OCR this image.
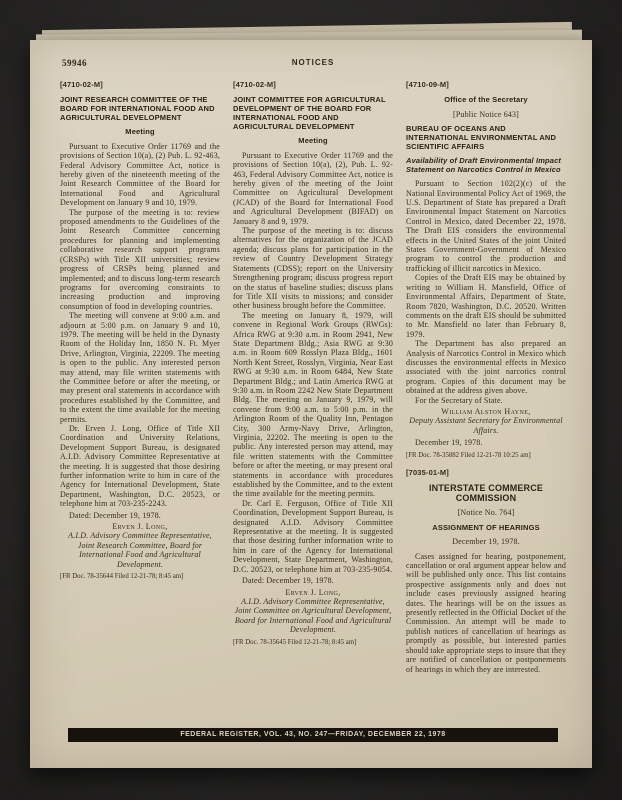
59946	NOTICES

[4710-02-M]

JOINT RESEARCH COMMITTEE OF THE BOARD FOR INTERNATIONAL FOOD AND AGRICULTURAL DEVELOPMENT

Meeting

Pursuant to Executive Order 11769 and the provisions of Section 10(a), (2) Pub. L. 92-463, Federal Advisory Committee Act, notice is hereby given of the nineteenth meeting of the Joint Research Committee of the Board for International Food and Agricultural Development on January 9 and 10, 1979.

The purpose of the meeting is to: review proposed amendments to the Guidelines of the Joint Research Committee concerning procedures for planning and implementing collaborative research support programs (CRSPs) with Title XII universities; review progress of CRSPs being planned and implemented; and to discuss long-term research programs for overcoming constraints to increasing production and improving consumption of food in developing countries.

The meeting will convene at 9:00 a.m. and adjourn at 5:00 p.m. on January 9 and 10, 1979. The meeting will be held in the Dynasty Room of the Holiday Inn, 1850 N. Ft. Myer Drive, Arlington, Virginia, 22209. The meeting is open to the public. Any interested person may attend, may file written statements with the Committee before or after the meeting, or may present oral statements in accordance with procedures established by the Committee, and to the extent the time available for the meeting permits.

Dr. Erven J. Long, Office of Title XII Coordination and University Relations, Development Support Bureau, is designated A.I.D. Advisory Committee Representative at the meeting. It is suggested that those desiring further information write to him in care of the Agency for International Development, State Department, Washington, D.C. 20523, or telephone him at 703-235-2243.

Dated: December 19, 1978.

Erven J. Long,

A.I.D. Advisory Committee Representative, Joint Research Committee, Board for International Food and Agricultural Development.

[FR Doc. 78-35644 Filed 12-21-78; 8:45 am]

[4710-02-M]

JOINT COMMITTEE FOR AGRICULTURAL DEVELOPMENT OF THE BOARD FOR INTERNATIONAL FOOD AND AGRICULTURAL DEVELOPMENT

Meeting

Pursuant to Executive Order 11769 and the provisions of Section 10(a), (2), Pub. L. 92-463, Federal Advisory Committee Act, notice is hereby given of the meeting of the Joint Committee on Agricultural Development (JCAD) of the Board for International Food and Agricultural Development (BIFAD) on January 8 and 9, 1979.

The purpose of the meeting is to: discuss alternatives for the organization of the JCAD agenda; discuss plans for participation in the review of Country Development Strategy Statements (CDSS); report on the University Strengthening program; discuss progress report on the status of baseline studies; discuss plans for Title XII visits to missions; and consider other business brought before the Committee.

The meeting on January 8, 1979, will convene in Regional Work Groups (RWGs): Africa RWG at 9:30 a.m. in Room 2941, New State Department Bldg.; Asia RWG at 9:30 a.m. in Room 609 Rosslyn Plaza Bldg., 1601 North Kent Street, Rosslyn, Virginia, Near East RWG at 9:30 a.m. in Room 6484, New State Department Bldg.; and Latin America RWG at 9:30 a.m. in Room 2242 New State Department Bldg. The meeting on January 9, 1979, will convene from 9:00 a.m. to 5:00 p.m. in the Arlington Room of the Quality Inn, Pentagon City, 300 Army-Navy Drive, Arlington, Virginia, 22202. The meeting is open to the public. Any interested person may attend, may file written statements with the Committee before or after the meeting, or may present oral statements in accordance with procedures established by the Committee, and to the extent the time available for the meeting permits.

Dr. Carl E. Ferguson, Office of Title XII Coordination, Development Support Bureau, is designated A.I.D. Advisory Committee Representative at the meeting. It is suggested that those desiring further information write to him in care of the Agency for International Development, State Department, Washington, D.C. 20523, or telephone him at 703-235-9054.

Dated: December 19, 1978.

Erven J. Long,

A.I.D. Advisory Committee Representative, Joint Committee on Agricultural Development, Board for International Food and Agricultural Development.

[FR Doc. 78-35645 Filed 12-21-78; 8:45 am]

[4710-09-M]

Office of the Secretary

[Public Notice 643]

BUREAU OF OCEANS AND INTERNATIONAL ENVIRONMENTAL AND SCIENTIFIC AFFAIRS

Availability of Draft Environmental Impact Statement on Narcotics Control in Mexico

Pursuant to Section 102(2)(c) of the National Environmental Policy Act of 1969, the U.S. Department of State has prepared a Draft Environmental Impact Statement on Narcotics Control in Mexico, dated December 22, 1978. The Draft EIS considers the environmental effects in the United States of the joint United States Government-Government of Mexico program to control the production and trafficking of illicit narcotics in Mexico.

Copies of the Draft EIS may be obtained by writing to William H. Mansfield, Office of Environmental Affairs, Department of State, Room 7820, Washington, D.C. 20520. Written comments on the draft EIS should be submitted to Mr. Mansfield no later than February 8, 1979.

The Department has also prepared an Analysis of Narcotics Control in Mexico which discusses the environmental effects in Mexico associated with the joint narcotics control program. Copies of this document may be obtained at the address given above.

For the Secretary of State.

William Alston Hayne,

Deputy Assistant Secretary for Environmental Affairs.

December 19, 1978.

[FR Doc. 78-35882 Filed 12-21-78 10:25 am]

[7035-01-M]

INTERSTATE COMMERCE COMMISSION

[Notice No. 764]

ASSIGNMENT OF HEARINGS

December 19, 1978.

Cases assigned for hearing, postponement, cancellation or oral argument appear below and will be published only once. This list contains prospective assignments only and does not include cases previously assigned hearing dates. The hearings will be on the issues as presently reflected in the Official Docket of the Commission. An attempt will be made to publish notices of cancellation of hearings as promptly as possible, but interested parties should take appropriate steps to insure that they are notified of cancellation or postponements of hearings in which they are interested.

FEDERAL REGISTER, VOL. 43, NO. 247—FRIDAY, DECEMBER 22, 1978
